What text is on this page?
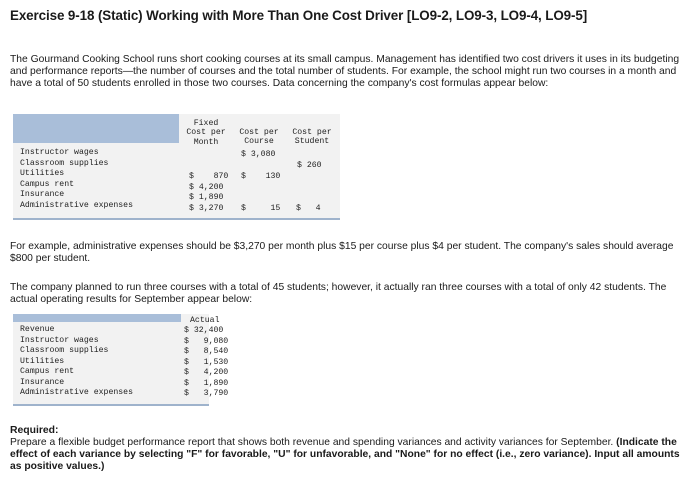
Exercise 9-18 (Static) Working with More Than One Cost Driver [LO9-2, LO9-3, LO9-4, LO9-5]
The Gourmand Cooking School runs short cooking courses at its small campus. Management has identified two cost drivers it uses in its budgeting and performance reports—the number of courses and the total number of students. For example, the school might run two courses in a month and have a total of 50 students enrolled in those two courses. Data concerning the company's cost formulas appear below:
Fixed
Cost per
Month
Cost per
Course
Cost per
Student
Instructor wages
Classroom supplies
Utilities
Campus rent
Insurance
Administrative expenses
$ 3,080
$ 260
$    870 $    130
$ 4,200
$ 1,890
$ 3,270 $     15 $   4
For example, administrative expenses should be $3,270 per month plus $15 per course plus $4 per student. The company's sales should average $800 per student.
The company planned to run three courses with a total of 45 students; however, it actually ran three courses with a total of only 42 students. The actual operating results for September appear below:
Actual
Revenue
Instructor wages
Classroom supplies
Utilities
Campus rent
Insurance
Administrative expenses
$ 32,400
$   9,080
$   8,540
$   1,530
$   4,200
$   1,890
$   3,790
Required:
Prepare a flexible budget performance report that shows both revenue and spending variances and activity variances for September. (Indicate the effect of each variance by selecting "F" for favorable, "U" for unfavorable, and "None" for no effect (i.e., zero variance). Input all amounts as positive values.)
